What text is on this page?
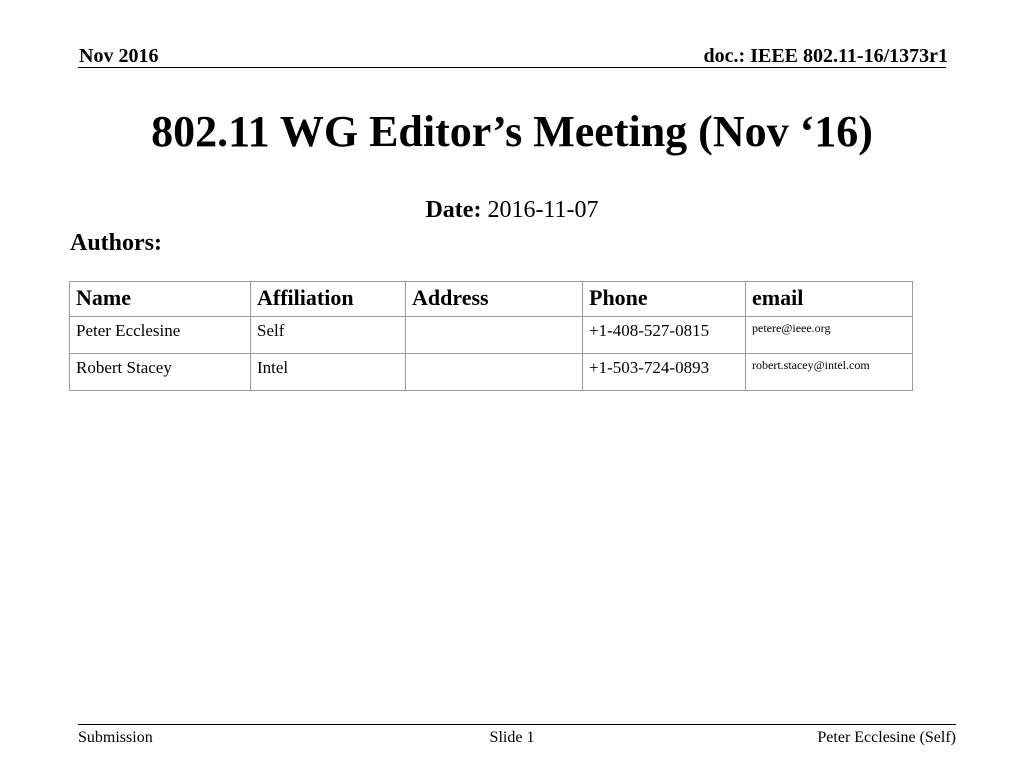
Nov 2016	doc.: IEEE 802.11-16/1373r1
802.11 WG Editor’s Meeting (Nov ‘16)
Date: 2016-11-07
Authors:
Name	Affiliation	Address	Phone	email
Peter Ecclesine	Self		+1-408-527-0815	petere@ieee.org
Robert Stacey	Intel		+1-503-724-0893	robert.stacey@intel.com
Submission	Slide 1	Peter Ecclesine (Self)
